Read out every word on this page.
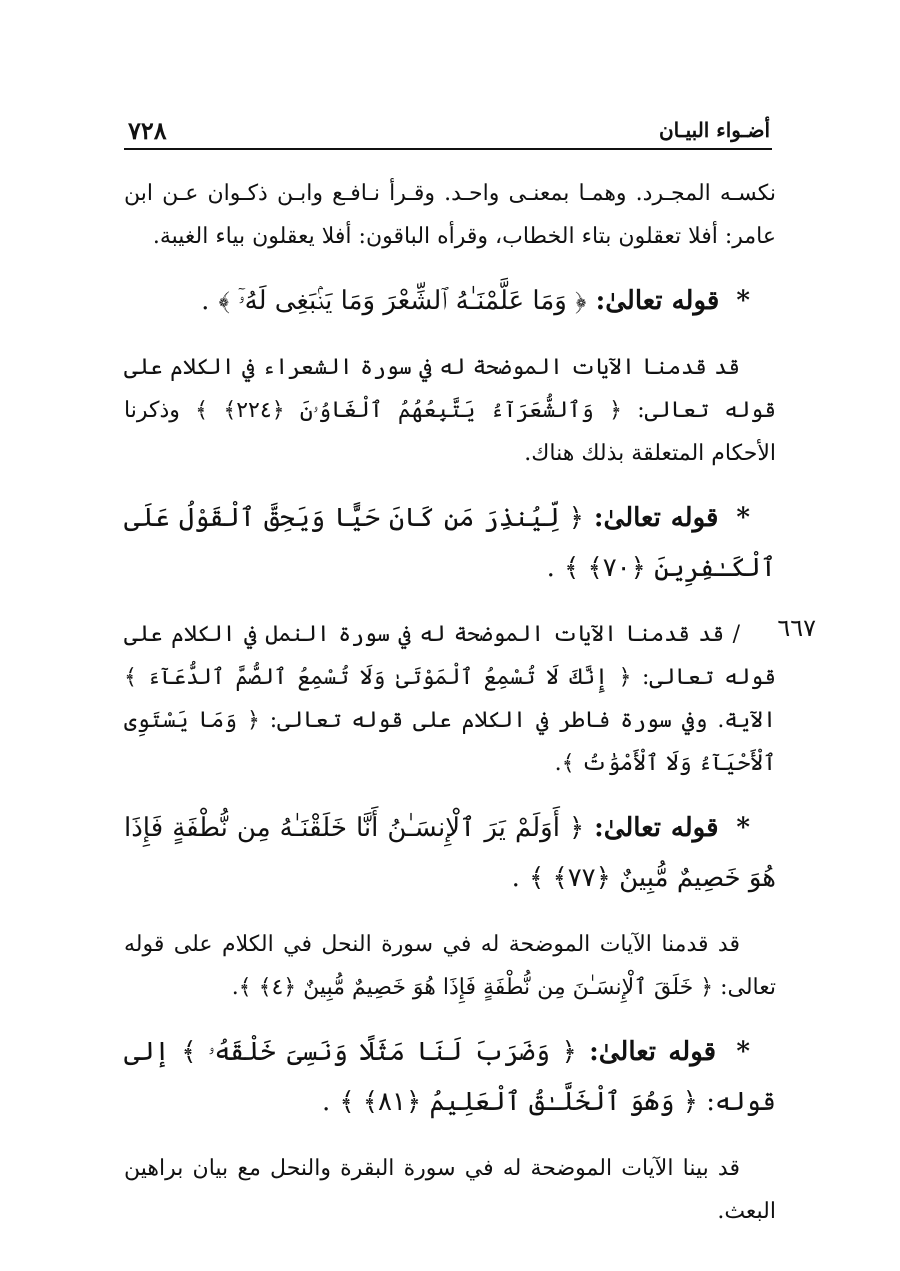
٧٢٨	أضـواء البيـان

نكسـه المجـرد. وهمـا بمعنـى واحـد. وقـرأ نـافـع وابـن ذكـوان عـن ابن عامر: أفلا تعقلون بتاء الخطاب، وقرأه الباقون: أفلا يعقلون بياء الغيبة.

* قوله تعالىٰ: ﴿ وَمَا عَلَّمْنَـٰهُ ٱلشِّعْرَ وَمَا يَنۢبَغِى لَهُۥٓ ﴾ .

قد قدمنا الآيات الموضحة له في سورة الشعراء في الكلام على قوله تعالى: ﴿ وَٱلشُّعَرَآءُ يَتَّبِعُهُمُ ٱلْغَاوُۥنَ ﴿٢٢٤﴾ ﴾ وذكرنا الأحكام المتعلقة بذلك هناك.

* قوله تعالىٰ: ﴿ لِّيُنذِرَ مَن كَانَ حَيًّا وَيَحِقَّ ٱلْقَوْلُ عَلَى ٱلْكَـٰفِرِينَ ﴿٧٠﴾ ﴾ .

٦٦٧
/ قد قدمنا الآيات الموضحة له في سورة النمل في الكلام على قوله تعالى: ﴿ إِنَّكَ لَا تُسْمِعُ ٱلْمَوْتَىٰ وَلَا تُسْمِعُ ٱلصُّمَّ ٱلدُّعَآءَ ﴾ الآية. وفي سورة فاطر في الكلام على قوله تعالى: ﴿ وَمَا يَسْتَوِى ٱلْأَحْيَآءُ وَلَا ٱلْأَمْوَٰتُ ﴾.

* قوله تعالىٰ: ﴿ أَوَلَمْ يَرَ ٱلْإِنسَـٰنُ أَنَّا خَلَقْنَـٰهُ مِن نُّطْفَةٍ فَإِذَا هُوَ خَصِيمٌ مُّبِينٌ ﴿٧٧﴾ ﴾ .

قد قدمنا الآيات الموضحة له في سورة النحل في الكلام على قوله تعالى: ﴿ خَلَقَ ٱلْإِنسَـٰنَ مِن نُّطْفَةٍ فَإِذَا هُوَ خَصِيمٌ مُّبِينٌ ﴿٤﴾ ﴾.

* قوله تعالىٰ: ﴿ وَضَرَبَ لَنَا مَثَلًا وَنَسِىَ خَلْقَهُۥ ﴾ إلى قوله: ﴿ وَهُوَ ٱلْخَلَّـٰقُ ٱلْعَلِيمُ ﴿٨١﴾ ﴾ .

قد بينا الآيات الموضحة له في سورة البقرة والنحل مع بيان براهين البعث.
